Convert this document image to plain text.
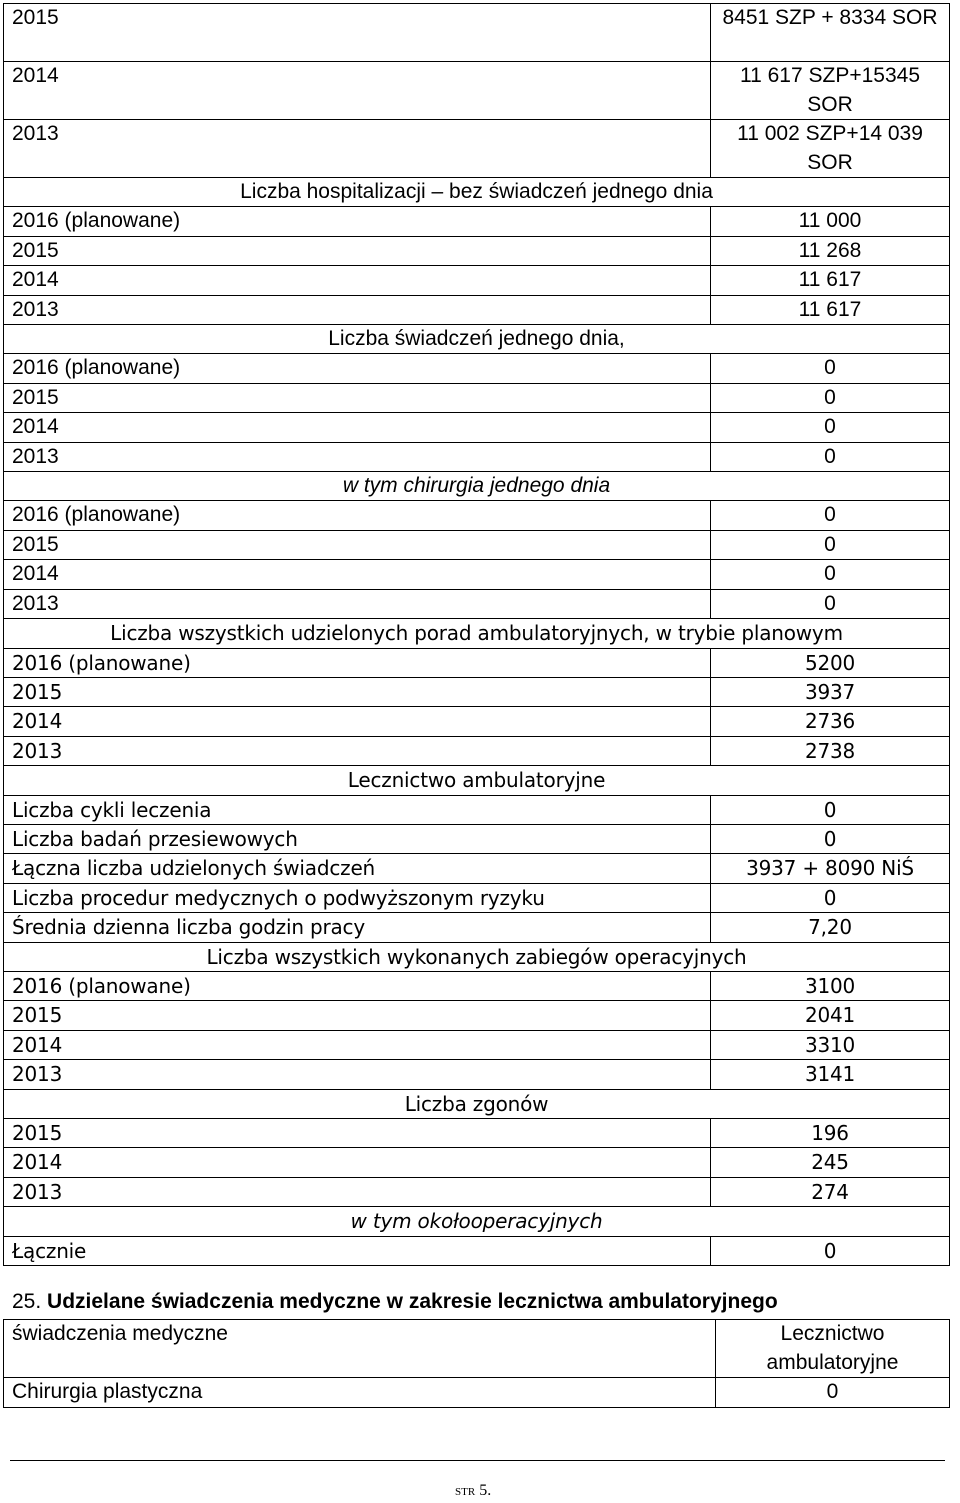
2015	8451 SZP + 8334 SOR
2014	11 617 SZP+15345 SOR
2013	11 002 SZP+14 039 SOR
Liczba hospitalizacji – bez świadczeń jednego dnia	
2016 (planowane)	11 000
2015	11 268
2014	11 617
2013	11 617
Liczba świadczeń jednego dnia,	
2016 (planowane)	0
2015	0
2014	0
2013	0
w tym chirurgia jednego dnia	
2016 (planowane)	0
2015	0
2014	0
2013	0
Liczba wszystkich udzielonych porad ambulatoryjnych, w trybie planowym	
2016 (planowane)	5200
2015	3937
2014	2736
2013	2738
Lecznictwo ambulatoryjne	
Liczba cykli leczenia	0
Liczba badań przesiewowych	0
Łączna liczba udzielonych świadczeń	3937 + 8090 NiŚ
Liczba procedur medycznych o podwyższonym ryzyku	0
Średnia dzienna liczba godzin pracy	7,20
Liczba wszystkich wykonanych zabiegów operacyjnych	
2016 (planowane)	3100
2015	2041
2014	3310
2013	3141
Liczba zgonów	
2015	196
2014	245
2013	274
w tym okołooperacyjnych	
Łącznie	0
25. Udzielane świadczenia medyczne w zakresie lecznictwa ambulatoryjnego
świadczenia medyczne	Lecznictwo ambulatoryjne
Chirurgia plastyczna	0
STR 5.
